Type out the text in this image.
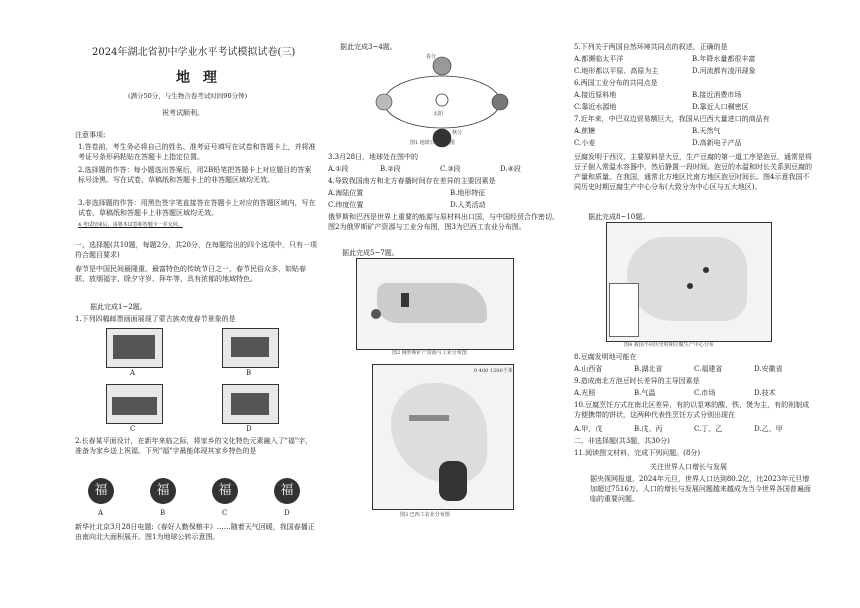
2024年湖北省初中学业水平考试模拟试卷(三)
地 理
(满分50分，与生物合卷考试时间90分钟)
祝考试顺利。
注意事项:
1.答卷前，考生务必将自己的姓名、准考证号填写在试卷和答题卡上，并将准考证号条形码粘贴在答题卡上指定位置。
2.选择题的作答：每小题选出答案后，用2B铅笔把答题卡上对应题目的答案标号涂黑。写在试卷、草稿纸和答题卡上的非答题区域均无效。
3.非选择题的作答：用黑色签字笔直接答在答题卡上对应的答题区域内，写在试卷、草稿纸和答题卡上非答题区域均无效。
4.考试结束后，请将本试卷和答题卡一并交回。
一、选择题(共10题，每题2分，共20分，在每题给出的四个选项中，只有一项符合题目要求)
春节是中国民间最隆重、最富特色的传统节日之一，春节民俗众多，如贴春联、放烟福字、除夕守岁、拜年等，具有浓郁的地域特色。
据此完成1~2题。
1.下列四幅邮票画面展现了蒙古族欢度春节景象的是
A	B
C	D
2.长春某平面设计，在新年来临之际，将家乡的文化特色元素融入了"福"字，准备为家乡送上祝福。下列"福"字最能体现其家乡特色的是
福
A
福
B
福
C
福
D
新华社北京3月28日电题:《春好人勤保粮丰》……随着天气回暖，我国春播正由南向北大面积展开。图1为地球公转示意图。
据此完成3~4题。
春分
秋分
太阳
图1 地球公转示意图
3.3月28日，地球处在图中的
A.①段	B.②段	C.③段	D.④段
4.导致我国南方和北方春播时间存在差异的主要因素是
A.海陆位置	B.地形特征
C.纬度位置	D.人类活动
俄罗斯和巴西是世界上重要的能源与原材料出口国，与中国经贸合作密切。图2为俄罗斯矿产资源与工业分布图，图3为巴西工农业分布图。
据此完成5~7题。
图2 俄罗斯矿产资源与工业分布图
0 400 1200千米
图3 巴西工农业分布图
5.下列关于两国自然环境共同点的叙述，正确的是
A.都濒临太平洋	B.年降水量都很丰富
C.地形都以平原、高原为主	D.河流都有凌汛现象
6.两国工业分布的共同点是
A.接近原料地	B.接近消费市场
C.靠近水源地	D.靠近人口稠密区
7.近年来，中巴双边贸易额巨大，我国从巴西大量进口的商品有
A.蔗糖	B.天然气
C.小麦	D.高新电子产品
豆腐发明于西汉，主要原料是大豆，生产豆腐的第一道工序是泡豆，通常是将豆子倒入常温水容器中，然后静置一段时间。泡豆的水温和时长关系到豆腐的产量和质量。在我国，通常北方地区比南方地区泡豆时间长。图4示意我国不同历史时期豆腐生产中心分布(大致分为中心区与五大地区)。
据此完成8~10题。
图4 我国不同历史时期豆腐生产中心分布
8.豆腐发明地可能在
A.山西省	B.湖北省	C.福建省	D.安徽省
9.造成南北方泡豆时长差异的主导因素是
A.光照	B.气温	C.市场	D.技术
10.豆腐烹饪方式在南北区差异，有的以泵寒的酸、铁、煲为主，有的则制成方便携带的饼状，这两种代表性烹饪方式分别出现在
A.甲、戊	B.戊、丙	C.丁、乙	D.乙、甲
二、非选择题(共3题，共30分)
11.阅读图文材料，完成下列问题。(8分)
关注世界人口增长与发展
据央视网报道，2024年元旦，世界人口达到80.2亿，比2023年元旦增加超过7516万。人口的增长与发展问题越来越成为当今世界各国普遍面临的重要问题。
